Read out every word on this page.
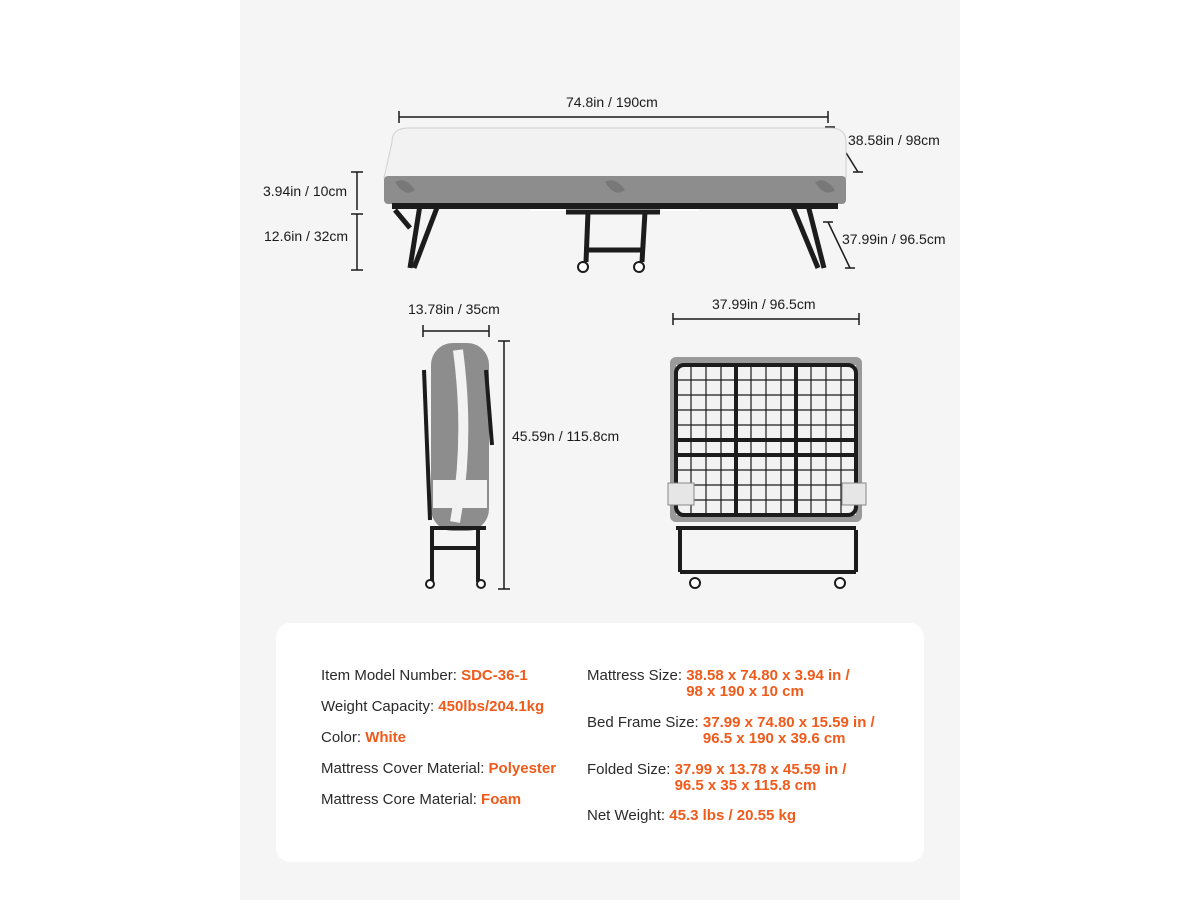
74.8in / 190cm
38.58in / 98cm
3.94in / 10cm
12.6in / 32cm	37.99in / 96.5cm
13.78in / 35cm
45.59n / 115.8cm
37.99in / 96.5cm
Item Model Number: SDC-36-1
Weight Capacity: 450lbs/204.1kg
Color: White
Mattress Cover Material: Polyester
Mattress Core Material: Foam
Mattress Size: 38.58 x 74.80 x 3.94 in /
98 x 190 x 10 cm
Bed Frame Size: 37.99 x 74.80 x 15.59 in /
96.5 x 190 x 39.6 cm
Folded Size: 37.99 x 13.78 x 45.59 in /
96.5 x 35 x 115.8 cm
Net Weight: 45.3 lbs / 20.55 kg
